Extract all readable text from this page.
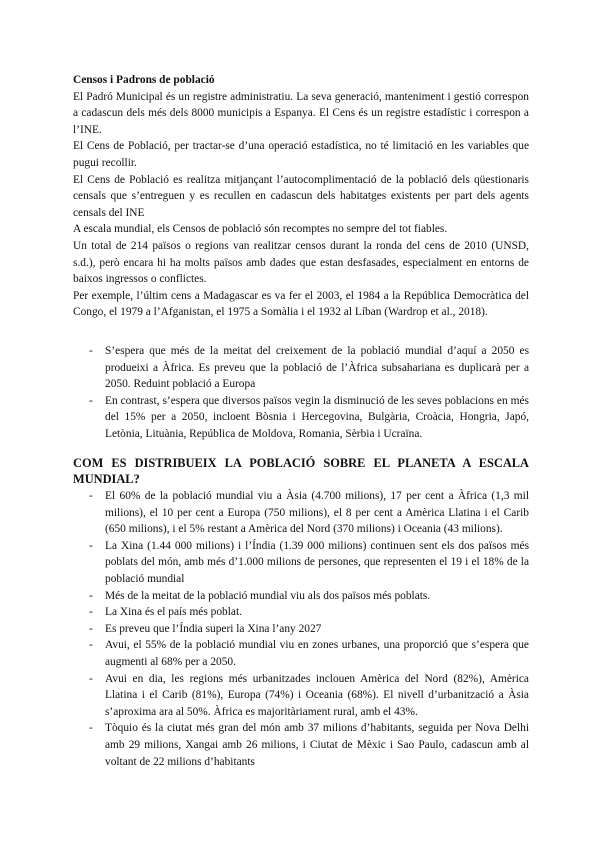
Censos i Padrons de població

El Padró Municipal és un registre administratiu. La seva generació, manteniment i gestió correspon a cadascun dels més dels 8000 municipis a Espanya. El Cens és un registre estadístic i correspon a l’INE.

El Cens de Població, per tractar-se d’una operació estadística, no té limitació en les variables que pugui recollir.

El Cens de Població es realitza mitjançant l’autocomplimentació de la població dels qüestionaris censals que s’entreguen y es recullen en cadascun dels habitatges existents per part dels agents censals del INE

A escala mundial, els Censos de població són recomptes no sempre del tot fiables.

Un total de 214 països o regions van realitzar censos durant la ronda del cens de 2010 (UNSD, s.d.), però encara hi ha molts països amb dades que estan desfasades, especialment en entorns de baixos ingressos o conflictes.

Per exemple, l’últim cens a Madagascar es va fer el 2003, el 1984 a la República Democràtica del Congo, el 1979 a l’Afganistan, el 1975 a Somàlia i el 1932 al Líban (Wardrop et al., 2018).

- S’espera que més de la meitat del creixement de la població mundial d’aquí a 2050 es produeixi a Àfrica. Es preveu que la població de l’Àfrica subsahariana es duplicarà per a 2050. Reduint població a Europa
- En contrast, s’espera que diversos països vegin la disminució de les seves poblacions en més del 15% per a 2050, incloent Bòsnia i Hercegovina, Bulgària, Croàcia, Hongria, Japó, Letònia, Lituània, República de Moldova, Romania, Sèrbia i Ucraïna.

COM ES DISTRIBUEIX LA POBLACIÓ SOBRE EL PLANETA A ESCALA MUNDIAL?

- El 60% de la població mundial viu a Àsia (4.700 milions), 17 per cent a Àfrica (1,3 mil milions), el 10 per cent a Europa (750 milions), el 8 per cent a Amèrica Llatina i el Carib (650 milions), i el 5% restant a Amèrica del Nord (370 milions) i Oceania (43 milions).
- La Xina (1.44 000 milions) i l’Índia (1.39 000 milions) continuen sent els dos països més poblats del món, amb més d’1.000 milions de persones, que representen el 19 i el 18% de la població mundial
- Més de la meitat de la població mundial viu als dos països més poblats.
- La Xina és el país més poblat.
- Es preveu que l’Índia superi la Xina l’any 2027
- Avui, el 55% de la població mundial viu en zones urbanes, una proporció que s’espera que augmenti al 68% per a 2050.
- Avui en dia, les regions més urbanitzades inclouen Amèrica del Nord (82%), Amèrica Llatina i el Carib (81%), Europa (74%) i Oceania (68%). El nivell d’urbanització a Àsia s’aproxima ara al 50%. Àfrica es majoritàriament rural, amb el 43%.
- Tòquio és la ciutat més gran del món amb 37 milions d’habitants, seguida per Nova Delhi amb 29 milions, Xangai amb 26 milions, i Ciutat de Mèxic i Sao Paulo, cadascun amb al voltant de 22 milions d’habitants
